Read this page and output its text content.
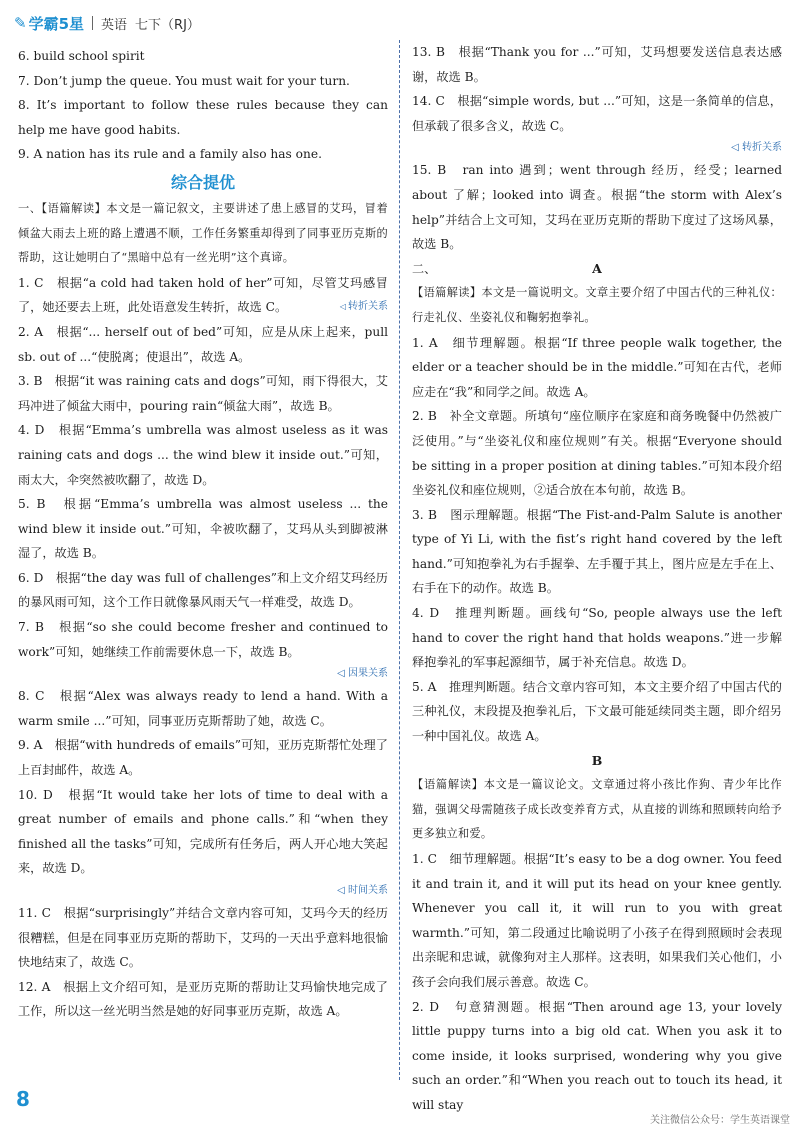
✎ 学霸5星 英语 七下（RJ）

6. build school spirit

7. Don’t jump the queue. You must wait for your turn.

8. It’s important to follow these rules because they can help me have good habits.

9. A nation has its rule and a family also has one.

综合提优

一、【语篇解读】本文是一篇记叙文，主要讲述了患上感冒的艾玛，冒着倾盆大雨去上班的路上遭遇不顺，工作任务繁重却得到了同事亚历克斯的帮助，这让她明白了“黑暗中总有一丝光明”这个真谛。

1. C　根据“a cold had taken hold of her”可知，尽管艾玛感冒了，她还要去上班，此处语意发生转折，故选 C。	◁ 转折关系

2. A　根据“... herself out of bed”可知，应是从床上起来，pull sb. out of ...“使脱离；使退出”，故选 A。

3. B　根据“it was raining cats and dogs”可知，雨下得很大，艾玛冲进了倾盆大雨中，pouring rain“倾盆大雨”，故选 B。

4. D　根据“Emma’s umbrella was almost useless as it was raining cats and dogs ... the wind blew it inside out.”可知，雨太大，伞突然被吹翻了，故选 D。

5. B　根据“Emma’s umbrella was almost useless ... the wind blew it inside out.”可知，伞被吹翻了，艾玛从头到脚被淋湿了，故选 B。

6. D　根据“the day was full of challenges”和上文介绍艾玛经历的暴风雨可知，这个工作日就像暴风雨天气一样难受，故选 D。

7. B　根据“so she could become fresher and continued to work”可知，她继续工作前需要休息一下，故选 B。

◁ 因果关系

8. C　根据“Alex was always ready to lend a hand. With a warm smile ...”可知，同事亚历克斯帮助了她，故选 C。

9. A　根据“with hundreds of emails”可知，亚历克斯帮忙处理了上百封邮件，故选 A。

10. D　根据“It would take her lots of time to deal with a great number of emails and phone calls.”和“when they finished all the tasks”可知，完成所有任务后，两人开心地大笑起来，故选 D。

◁ 时间关系

11. C　根据“surprisingly”并结合文章内容可知，艾玛今天的经历很糟糕，但是在同事亚历克斯的帮助下，艾玛的一天出乎意料地很愉快地结束了，故选 C。

12. A　根据上文介绍可知，是亚历克斯的帮助让艾玛愉快地完成了工作，所以这一丝光明当然是她的好同事亚历克斯，故选 A。

13. B　根据“Thank you for ...”可知，艾玛想要发送信息表达感谢，故选 B。

14. C　根据“simple words, but ...”可知，这是一条简单的信息，但承载了很多含义，故选 C。

◁ 转折关系

15. B　ran into 遇到；went through 经历，经受；learned about 了解；looked into 调查。根据“the storm with Alex’s help”并结合上文可知，艾玛在亚历克斯的帮助下度过了这场风暴，故选 B。

二、	A

【语篇解读】本文是一篇说明文。文章主要介绍了中国古代的三种礼仪：行走礼仪、坐姿礼仪和鞠躬抱拳礼。

1. A　细节理解题。根据“If three people walk together, the elder or a teacher should be in the middle.”可知在古代，老师应走在“我”和同学之间。故选 A。

2. B　补全文章题。所填句“座位顺序在家庭和商务晚餐中仍然被广泛使用。”与“坐姿礼仪和座位规则”有关。根据“Everyone should be sitting in a proper position at dining tables.”可知本段介绍坐姿礼仪和座位规则，②适合放在本句前，故选 B。

3. B　图示理解题。根据“The Fist-and-Palm Salute is another type of Yi Li, with the fist’s right hand covered by the left hand.”可知抱拳礼为右手握拳、左手覆于其上，图片应是左手在上、右手在下的动作。故选 B。

4. D　推理判断题。画线句“So, people always use the left hand to cover the right hand that holds weapons.”进一步解释抱拳礼的军事起源细节，属于补充信息。故选 D。

5. A　推理判断题。结合文章内容可知，本文主要介绍了中国古代的三种礼仪，末段提及抱拳礼后，下文最可能延续同类主题，即介绍另一种中国礼仪。故选 A。

B

【语篇解读】本文是一篇议论文。文章通过将小孩比作狗、青少年比作猫，强调父母需随孩子成长改变养育方式，从直接的训练和照顾转向给予更多独立和爱。

1. C　细节理解题。根据“It’s easy to be a dog owner. You feed it and train it, and it will put its head on your knee gently. Whenever you call it, it will run to you with great warmth.”可知，第二段通过比喻说明了小孩子在得到照顾时会表现出亲昵和忠诚，就像狗对主人那样。这表明，如果我们关心他们，小孩子会向我们展示善意。故选 C。

2. D　句意猜测题。根据“Then around age 13, your lovely little puppy turns into a big old cat. When you ask it to come inside, it looks surprised, wondering why you give such an order.”和“When you reach out to touch its head, it will stay

8
关注微信公众号：学生英语课堂
